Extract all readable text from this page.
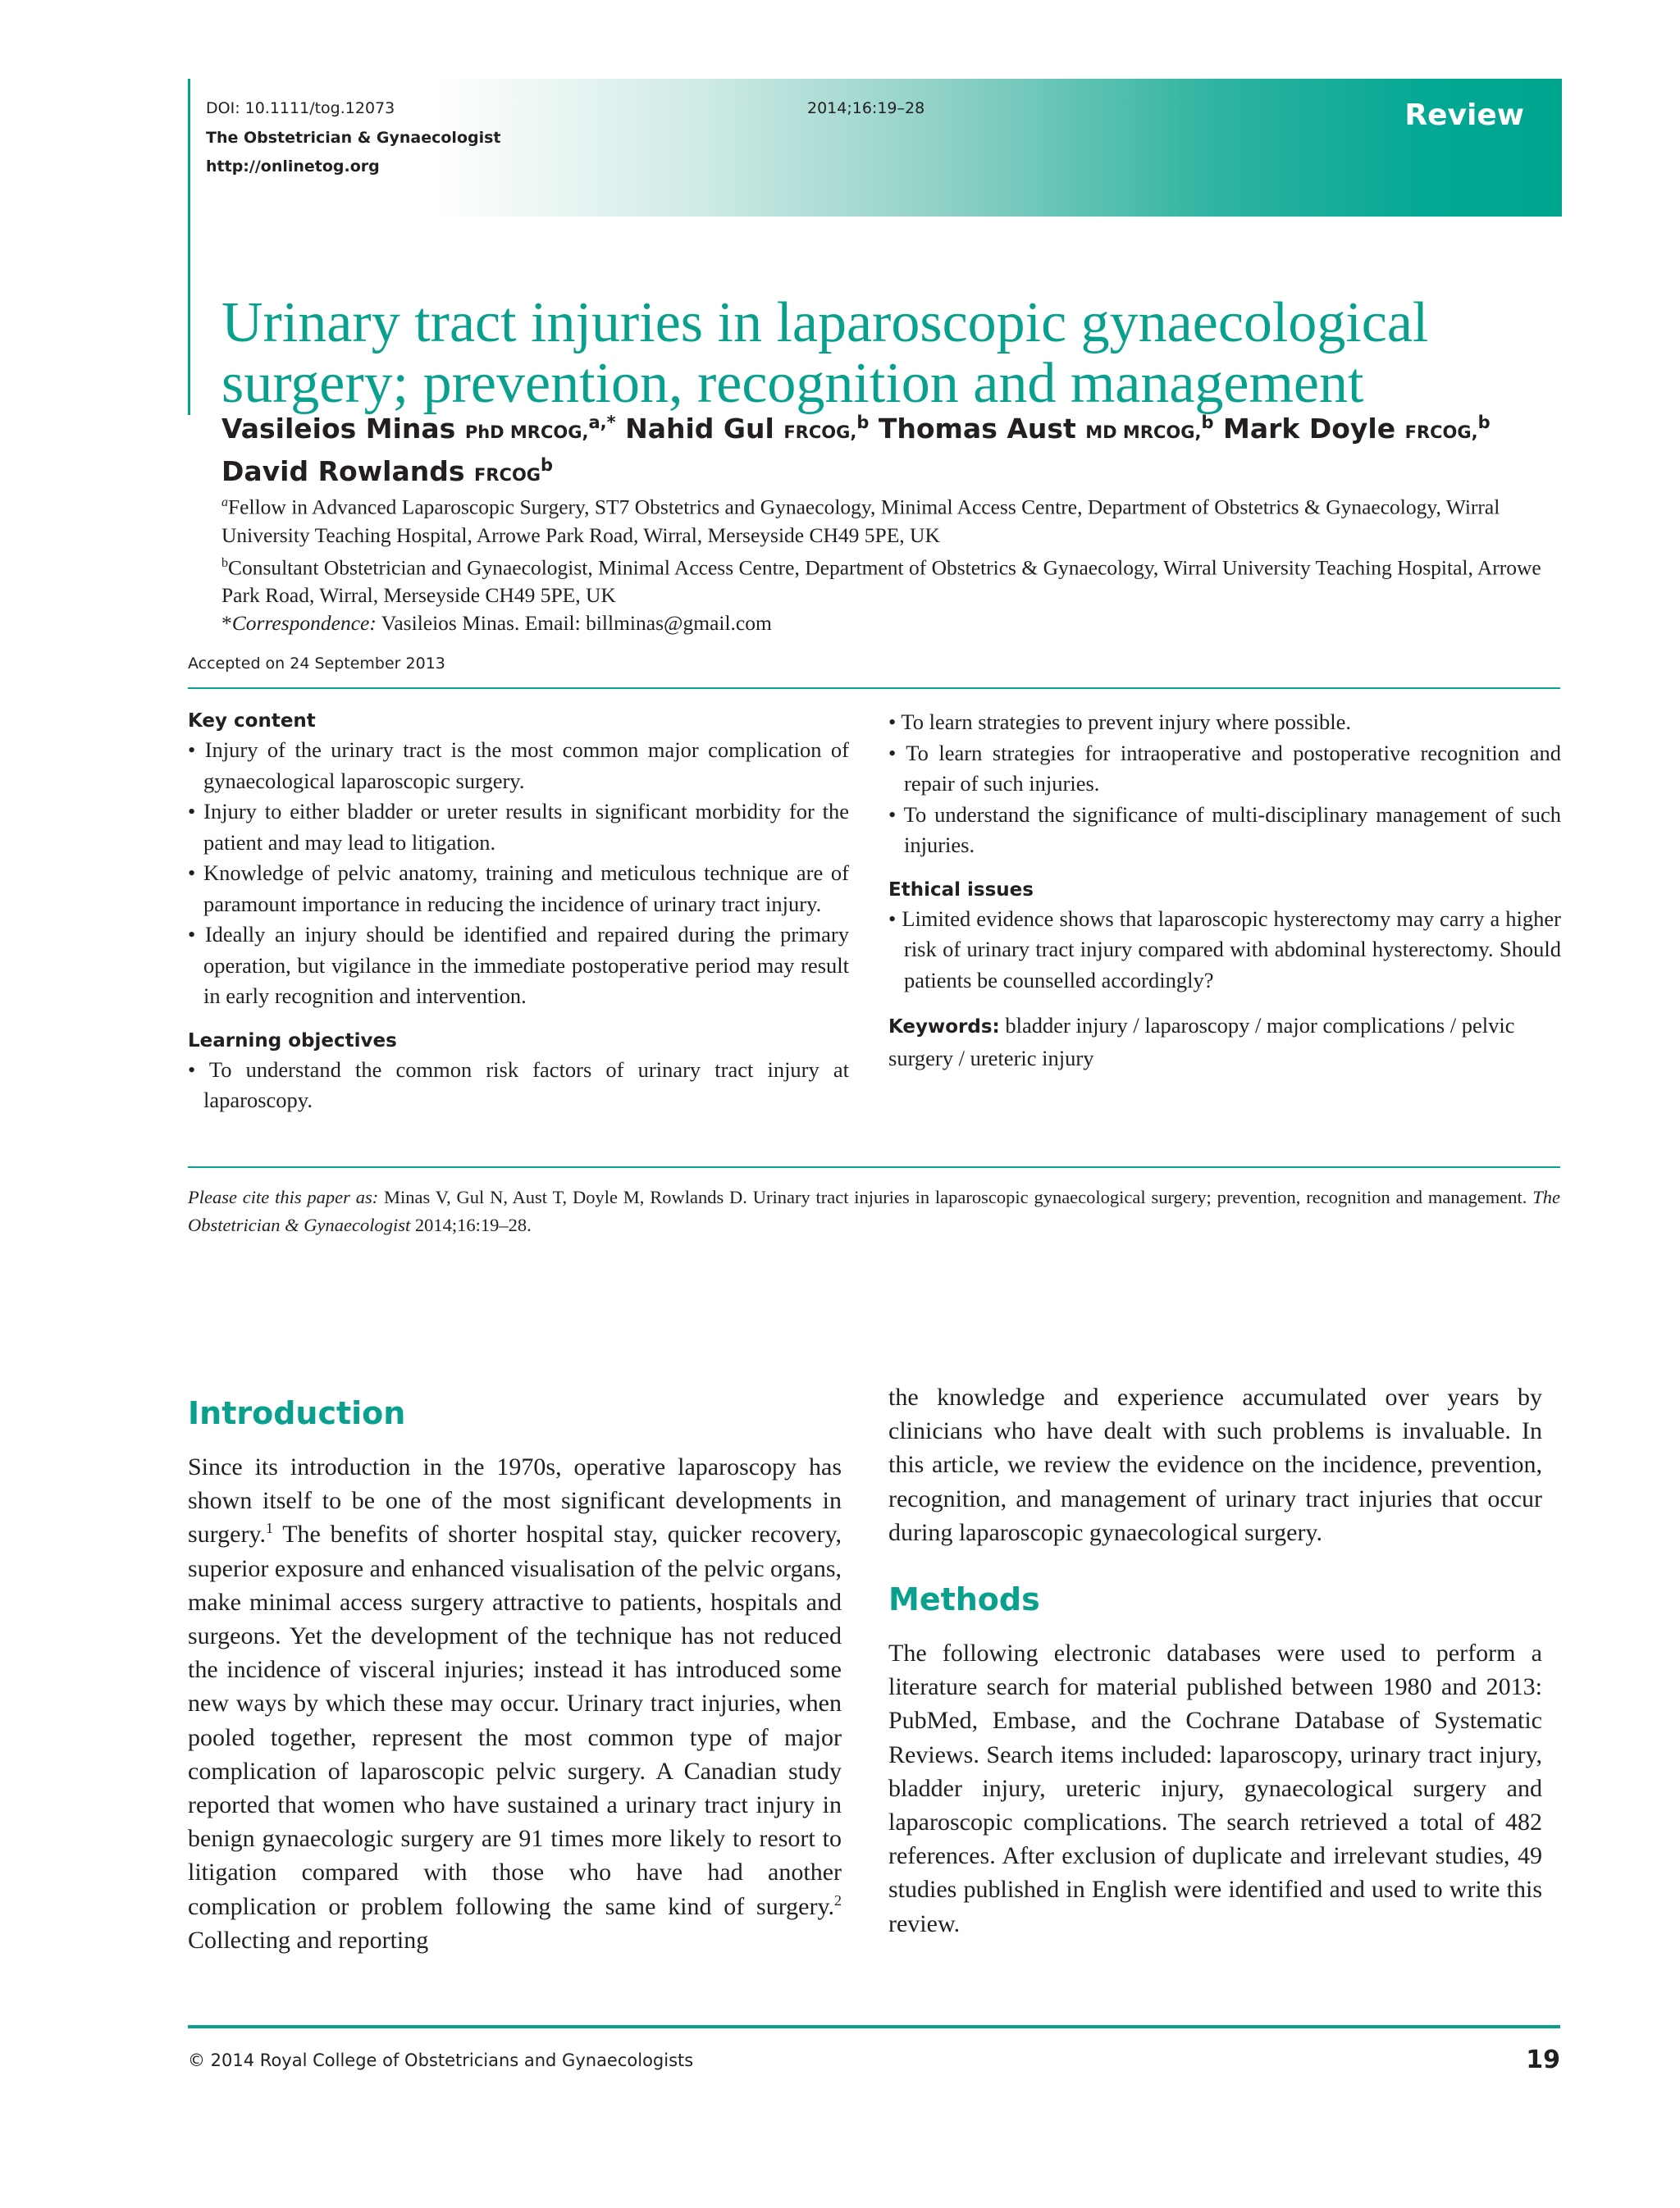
DOI: 10.1111/tog.12073
The Obstetrician & Gynaecologist
http://onlinetog.org
2014;16:19–28	Review
Urinary tract injuries in laparoscopic gynaecological
surgery; prevention, recognition and management
Vasileios Minas PhD MRCOG,$^{a,*}$ Nahid Gul FRCOG,$^b$ Thomas Aust MD MRCOG,$^b$ Mark Doyle FRCOG,$^b$ David Rowlands FRCOG$^b$

$^a$Fellow in Advanced Laparoscopic Surgery, ST7 Obstetrics and Gynaecology, Minimal Access Centre, Department of Obstetrics & Gynaecology, Wirral University Teaching Hospital, Arrowe Park Road, Wirral, Merseyside CH49 5PE, UK

$^b$Consultant Obstetrician and Gynaecologist, Minimal Access Centre, Department of Obstetrics & Gynaecology, Wirral University Teaching Hospital, Arrowe Park Road, Wirral, Merseyside CH49 5PE, UK

*Correspondence: Vasileios Minas. Email: billminas@gmail.com

Accepted on 24 September 2013
Key content
• Injury of the urinary tract is the most common major complication of gynaecological laparoscopic surgery.
• Injury to either bladder or ureter results in significant morbidity for the patient and may lead to litigation.
• Knowledge of pelvic anatomy, training and meticulous technique are of paramount importance in reducing the incidence of urinary tract injury.
• Ideally an injury should be identified and repaired during the primary operation, but vigilance in the immediate postoperative period may result in early recognition and intervention.
Learning objectives
• To understand the common risk factors of urinary tract injury at laparoscopy.
• To learn strategies to prevent injury where possible.
• To learn strategies for intraoperative and postoperative recognition and repair of such injuries.
• To understand the significance of multi-disciplinary management of such injuries.
Ethical issues
• Limited evidence shows that laparoscopic hysterectomy may carry a higher risk of urinary tract injury compared with abdominal hysterectomy. Should patients be counselled accordingly?
Keywords: bladder injury / laparoscopy / major complications / pelvic surgery / ureteric injury
Please cite this paper as: Minas V, Gul N, Aust T, Doyle M, Rowlands D. Urinary tract injuries in laparoscopic gynaecological surgery; prevention, recognition and management. The Obstetrician & Gynaecologist 2014;16:19–28.
Introduction

Since its introduction in the 1970s, operative laparoscopy has shown itself to be one of the most significant developments in surgery.$^1$ The benefits of shorter hospital stay, quicker recovery, superior exposure and enhanced visualisation of the pelvic organs, make minimal access surgery attractive to patients, hospitals and surgeons. Yet the development of the technique has not reduced the incidence of visceral injuries; instead it has introduced some new ways by which these may occur. Urinary tract injuries, when pooled together, represent the most common type of major complication of laparoscopic pelvic surgery. A Canadian study reported that women who have sustained a urinary tract injury in benign gynaecologic surgery are 91 times more likely to resort to litigation compared with those who have had another complication or problem following the same kind of surgery.$^2$ Collecting and reporting

the knowledge and experience accumulated over years by clinicians who have dealt with such problems is invaluable. In this article, we review the evidence on the incidence, prevention, recognition, and management of urinary tract injuries that occur during laparoscopic gynaecological surgery.

Methods

The following electronic databases were used to perform a literature search for material published between 1980 and 2013: PubMed, Embase, and the Cochrane Database of Systematic Reviews. Search items included: laparoscopy, urinary tract injury, bladder injury, ureteric injury, gynaecological surgery and laparoscopic complications. The search retrieved a total of 482 references. After exclusion of duplicate and irrelevant studies, 49 studies published in English were identified and used to write this review.

© 2014 Royal College of Obstetricians and Gynaecologists	19
